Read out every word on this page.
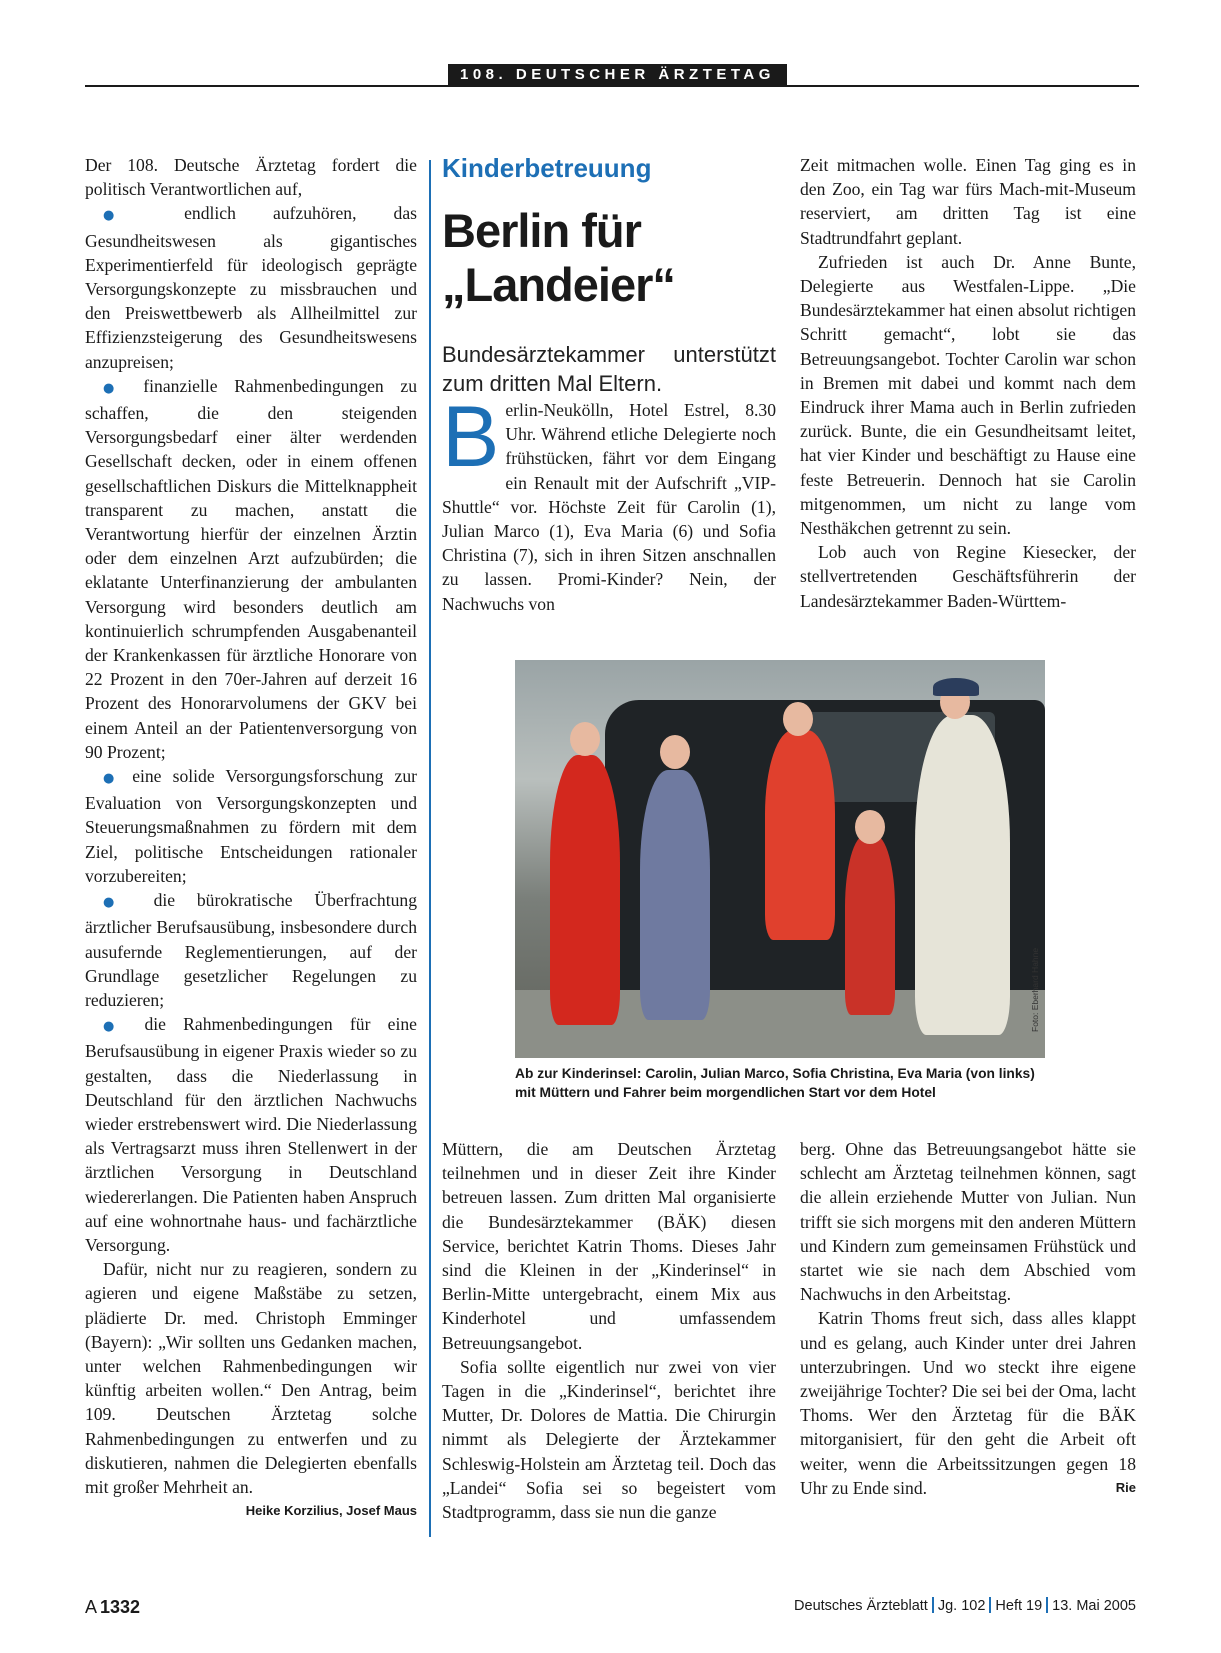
108. DEUTSCHER ÄRZTETAG

Der 108. Deutsche Ärztetag fordert die politisch Verantwortlichen auf,

● endlich aufzuhören, das Gesundheitswesen als gigantisches Experimentierfeld für ideologisch geprägte Versorgungskonzepte zu missbrauchen und den Preiswettbewerb als Allheilmittel zur Effizienzsteigerung des Gesundheitswesens anzupreisen;

● finanzielle Rahmenbedingungen zu schaffen, die den steigenden Versorgungsbedarf einer älter werdenden Gesellschaft decken, oder in einem offenen gesellschaftlichen Diskurs die Mittelknappheit transparent zu machen, anstatt die Verantwortung hierfür der einzelnen Ärztin oder dem einzelnen Arzt aufzubürden; die eklatante Unterfinanzierung der ambulanten Versorgung wird besonders deutlich am kontinuierlich schrumpfenden Ausgabenanteil der Krankenkassen für ärztliche Honorare von 22 Prozent in den 70er-Jahren auf derzeit 16 Prozent des Honorarvolumens der GKV bei einem Anteil an der Patientenversorgung von 90 Prozent;

● eine solide Versorgungsforschung zur Evaluation von Versorgungskonzepten und Steuerungsmaßnahmen zu fördern mit dem Ziel, politische Entscheidungen rationaler vorzubereiten;

● die bürokratische Überfrachtung ärztlicher Berufsausübung, insbesondere durch ausufernde Reglementierungen, auf der Grundlage gesetzlicher Regelungen zu reduzieren;

● die Rahmenbedingungen für eine Berufsausübung in eigener Praxis wieder so zu gestalten, dass die Niederlassung in Deutschland für den ärztlichen Nachwuchs wieder erstrebenswert wird. Die Niederlassung als Vertragsarzt muss ihren Stellenwert in der ärztlichen Versorgung in Deutschland wiedererlangen. Die Patienten haben Anspruch auf eine wohnortnahe haus- und fachärztliche Versorgung.

Dafür, nicht nur zu reagieren, sondern zu agieren und eigene Maßstäbe zu setzen, plädierte Dr. med. Christoph Emminger (Bayern): „Wir sollten uns Gedanken machen, unter welchen Rahmenbedingungen wir künftig arbeiten wollen.“ Den Antrag, beim 109. Deutschen Ärztetag solche Rahmenbedingungen zu entwerfen und zu diskutieren, nahmen die Delegierten ebenfalls mit großer Mehrheit an.
Heike Korzilius, Josef Maus

Kinderbetreuung
Berlin für
„Landeier“
Bundesärztekammer unterstützt zum dritten Mal Eltern.

Berlin-Neukölln, Hotel Estrel, 8.30 Uhr. Während etliche Delegierte noch frühstücken, fährt vor dem Eingang ein Renault mit der Aufschrift „VIP-Shuttle“ vor. Höchste Zeit für Carolin (1), Julian Marco (1), Eva Maria (6) und Sofia Christina (7), sich in ihren Sitzen anschnallen zu lassen. Promi-Kinder? Nein, der Nachwuchs von

Zeit mitmachen wolle. Einen Tag ging es in den Zoo, ein Tag war fürs Mach-mit-Museum reserviert, am dritten Tag ist eine Stadtrundfahrt geplant.

Zufrieden ist auch Dr. Anne Bunte, Delegierte aus Westfalen-Lippe. „Die Bundesärztekammer hat einen absolut richtigen Schritt gemacht“, lobt sie das Betreuungsangebot. Tochter Carolin war schon in Bremen mit dabei und kommt nach dem Eindruck ihrer Mama auch in Berlin zufrieden zurück. Bunte, die ein Gesundheitsamt leitet, hat vier Kinder und beschäftigt zu Hause eine feste Betreuerin. Dennoch hat sie Carolin mitgenommen, um nicht zu lange vom Nesthäkchen getrennt zu sein.

Lob auch von Regine Kiesecker, der stellvertretenden Geschäftsführerin der Landesärztekammer Baden-Württem-

Foto: Eberhard Hahne
Ab zur Kinderinsel: Carolin, Julian Marco, Sofia Christina, Eva Maria (von links) mit Müttern und Fahrer beim morgendlichen Start vor dem Hotel

Müttern, die am Deutschen Ärztetag teilnehmen und in dieser Zeit ihre Kinder betreuen lassen. Zum dritten Mal organisierte die Bundesärztekammer (BÄK) diesen Service, berichtet Katrin Thoms. Dieses Jahr sind die Kleinen in der „Kinderinsel“ in Berlin-Mitte untergebracht, einem Mix aus Kinderhotel und umfassendem Betreuungsangebot.

Sofia sollte eigentlich nur zwei von vier Tagen in die „Kinderinsel“, berichtet ihre Mutter, Dr. Dolores de Mattia. Die Chirurgin nimmt als Delegierte der Ärztekammer Schleswig-Holstein am Ärztetag teil. Doch das „Landei“ Sofia sei so begeistert vom Stadtprogramm, dass sie nun die ganze

berg. Ohne das Betreuungsangebot hätte sie schlecht am Ärztetag teilnehmen können, sagt die allein erziehende Mutter von Julian. Nun trifft sie sich morgens mit den anderen Müttern und Kindern zum gemeinsamen Frühstück und startet wie sie nach dem Abschied vom Nachwuchs in den Arbeitstag.

Katrin Thoms freut sich, dass alles klappt und es gelang, auch Kinder unter drei Jahren unterzubringen. Und wo steckt ihre eigene zweijährige Tochter? Die sei bei der Oma, lacht Thoms. Wer den Ärztetag für die BÄK mitorganisiert, für den geht die Arbeit oft weiter, wenn die Arbeitssitzungen gegen 18 Uhr zu Ende sind.	Rie

A 1332	Deutsches Ärzteblatt Jg. 102 Heft 19 13. Mai 2005
